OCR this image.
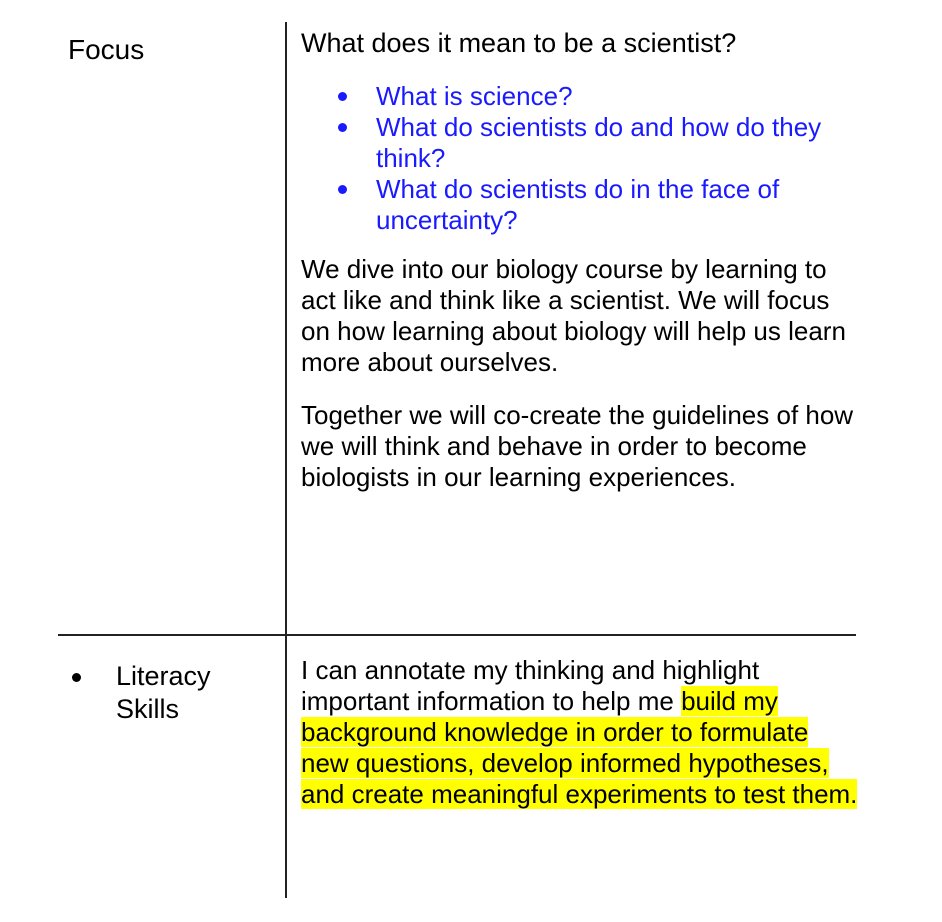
Focus	What does it mean to be a scientist?

What is science?
What do scientists do and how do they think?
What do scientists do in the face of uncertainty?

We dive into our biology course by learning to act like and think like a scientist. We will focus on how learning about biology will help us learn more about ourselves.

Together we will co-create the guidelines of how we will think and behave in order to become biologists in our learning experiences.

Literacy Skills
I can annotate my thinking and highlight important information to help me build my background knowledge in order to formulate new questions, develop informed hypotheses, and create meaningful experiments to test them.
